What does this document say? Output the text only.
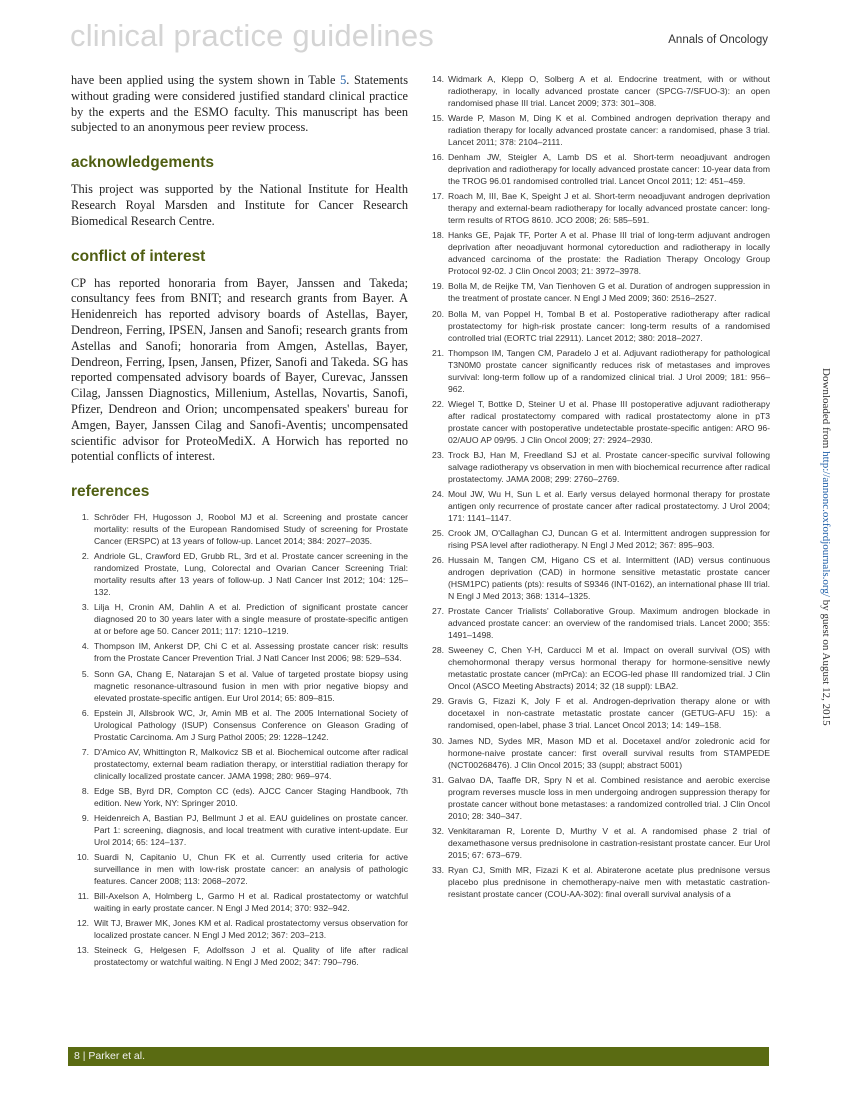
clinical practice guidelines	Annals of Oncology

have been applied using the system shown in Table 5. Statements without grading were considered justified standard clinical practice by the experts and the ESMO faculty. This manuscript has been subjected to an anonymous peer review process.

acknowledgements

This project was supported by the National Institute for Health Research Royal Marsden and Institute for Cancer Research Biomedical Research Centre.

conflict of interest

CP has reported honoraria from Bayer, Janssen and Takeda; consultancy fees from BNIT; and research grants from Bayer. A Henidenreich has reported advisory boards of Astellas, Bayer, Dendreon, Ferring, IPSEN, Jansen and Sanofi; research grants from Astellas and Sanofi; honoraria from Amgen, Astellas, Bayer, Dendreon, Ferring, Ipsen, Jansen, Pfizer, Sanofi and Takeda. SG has reported compensated advisory boards of Bayer, Curevac, Janssen Cilag, Janssen Diagnostics, Millenium, Astellas, Novartis, Sanofi, Pfizer, Dendreon and Orion; uncompensated speakers' bureau for Amgen, Bayer, Janssen Cilag and Sanofi-Aventis; uncompensated scientific advisor for ProteoMediX. A Horwich has reported no potential conflicts of interest.

references
1. Schröder FH, Hugosson J, Roobol MJ et al. Screening and prostate cancer mortality: results of the European Randomised Study of screening for Prostate Cancer (ERSPC) at 13 years of follow-up. Lancet 2014; 384: 2027–2035.
2. Andriole GL, Crawford ED, Grubb RL, 3rd et al. Prostate cancer screening in the randomized Prostate, Lung, Colorectal and Ovarian Cancer Screening Trial: mortality results after 13 years of follow-up. J Natl Cancer Inst 2012; 104: 125–132.
3. Lilja H, Cronin AM, Dahlin A et al. Prediction of significant prostate cancer diagnosed 20 to 30 years later with a single measure of prostate-specific antigen at or before age 50. Cancer 2011; 117: 1210–1219.
4. Thompson IM, Ankerst DP, Chi C et al. Assessing prostate cancer risk: results from the Prostate Cancer Prevention Trial. J Natl Cancer Inst 2006; 98: 529–534.
5. Sonn GA, Chang E, Natarajan S et al. Value of targeted prostate biopsy using magnetic resonance-ultrasound fusion in men with prior negative biopsy and elevated prostate-specific antigen. Eur Urol 2014; 65: 809–815.
6. Epstein JI, Allsbrook WC, Jr, Amin MB et al. The 2005 International Society of Urological Pathology (ISUP) Consensus Conference on Gleason Grading of Prostatic Carcinoma. Am J Surg Pathol 2005; 29: 1228–1242.
7. D'Amico AV, Whittington R, Malkovicz SB et al. Biochemical outcome after radical prostatectomy, external beam radiation therapy, or interstitial radiation therapy for clinically localized prostate cancer. JAMA 1998; 280: 969–974.
8. Edge SB, Byrd DR, Compton CC (eds). AJCC Cancer Staging Handbook, 7th edition. New York, NY: Springer 2010.
9. Heidenreich A, Bastian PJ, Bellmunt J et al. EAU guidelines on prostate cancer. Part 1: screening, diagnosis, and local treatment with curative intent-update. Eur Urol 2014; 65: 124–137.
10. Suardi N, Capitanio U, Chun FK et al. Currently used criteria for active surveillance in men with low-risk prostate cancer: an analysis of pathologic features. Cancer 2008; 113: 2068–2072.
11. Bill-Axelson A, Holmberg L, Garmo H et al. Radical prostatectomy or watchful waiting in early prostate cancer. N Engl J Med 2014; 370: 932–942.
12. Wilt TJ, Brawer MK, Jones KM et al. Radical prostatectomy versus observation for localized prostate cancer. N Engl J Med 2012; 367: 203–213.
13. Steineck G, Helgesen F, Adolfsson J et al. Quality of life after radical prostatectomy or watchful waiting. N Engl J Med 2002; 347: 790–796.
14. Widmark A, Klepp O, Solberg A et al. Endocrine treatment, with or without radiotherapy, in locally advanced prostate cancer (SPCG-7/SFUO-3): an open randomised phase III trial. Lancet 2009; 373: 301–308.
15. Warde P, Mason M, Ding K et al. Combined androgen deprivation therapy and radiation therapy for locally advanced prostate cancer: a randomised, phase 3 trial. Lancet 2011; 378: 2104–2111.
16. Denham JW, Steigler A, Lamb DS et al. Short-term neoadjuvant androgen deprivation and radiotherapy for locally advanced prostate cancer: 10-year data from the TROG 96.01 randomised controlled trial. Lancet Oncol 2011; 12: 451–459.
17. Roach M, III, Bae K, Speight J et al. Short-term neoadjuvant androgen deprivation therapy and external-beam radiotherapy for locally advanced prostate cancer: long-term results of RTOG 8610. JCO 2008; 26: 585–591.
18. Hanks GE, Pajak TF, Porter A et al. Phase III trial of long-term adjuvant androgen deprivation after neoadjuvant hormonal cytoreduction and radiotherapy in locally advanced carcinoma of the prostate: the Radiation Therapy Oncology Group Protocol 92-02. J Clin Oncol 2003; 21: 3972–3978.
19. Bolla M, de Reijke TM, Van Tienhoven G et al. Duration of androgen suppression in the treatment of prostate cancer. N Engl J Med 2009; 360: 2516–2527.
20. Bolla M, van Poppel H, Tombal B et al. Postoperative radiotherapy after radical prostatectomy for high-risk prostate cancer: long-term results of a randomised controlled trial (EORTC trial 22911). Lancet 2012; 380: 2018–2027.
21. Thompson IM, Tangen CM, Paradelo J et al. Adjuvant radiotherapy for pathological T3N0M0 prostate cancer significantly reduces risk of metastases and improves survival: long-term follow up of a randomized clinical trial. J Urol 2009; 181: 956–962.
22. Wiegel T, Bottke D, Steiner U et al. Phase III postoperative adjuvant radiotherapy after radical prostatectomy compared with radical prostatectomy alone in pT3 prostate cancer with postoperative undetectable prostate-specific antigen: ARO 96-02/AUO AP 09/95. J Clin Oncol 2009; 27: 2924–2930.
23. Trock BJ, Han M, Freedland SJ et al. Prostate cancer-specific survival following salvage radiotherapy vs observation in men with biochemical recurrence after radical prostatectomy. JAMA 2008; 299: 2760–2769.
24. Moul JW, Wu H, Sun L et al. Early versus delayed hormonal therapy for prostate antigen only recurrence of prostate cancer after radical prostatectomy. J Urol 2004; 171: 1141–1147.
25. Crook JM, O'Callaghan CJ, Duncan G et al. Intermittent androgen suppression for rising PSA level after radiotherapy. N Engl J Med 2012; 367: 895–903.
26. Hussain M, Tangen CM, Higano CS et al. Intermittent (IAD) versus continuous androgen deprivation (CAD) in hormone sensitive metastatic prostate cancer (HSM1PC) patients (pts): results of S9346 (INT-0162), an international phase III trial. N Engl J Med 2013; 368: 1314–1325.
27. Prostate Cancer Trialists' Collaborative Group. Maximum androgen blockade in advanced prostate cancer: an overview of the randomised trials. Lancet 2000; 355: 1491–1498.
28. Sweeney C, Chen Y-H, Carducci M et al. Impact on overall survival (OS) with chemohormonal therapy versus hormonal therapy for hormone-sensitive newly metastatic prostate cancer (mPrCa): an ECOG-led phase III randomized trial. J Clin Oncol (ASCO Meeting Abstracts) 2014; 32 (18 suppl): LBA2.
29. Gravis G, Fizazi K, Joly F et al. Androgen-deprivation therapy alone or with docetaxel in non-castrate metastatic prostate cancer (GETUG-AFU 15): a randomised, open-label, phase 3 trial. Lancet Oncol 2013; 14: 149–158.
30. James ND, Sydes MR, Mason MD et al. Docetaxel and/or zoledronic acid for hormone-naive prostate cancer: first overall survival results from STAMPEDE (NCT00268476). J Clin Oncol 2015; 33 (suppl; abstract 5001)
31. Galvao DA, Taaffe DR, Spry N et al. Combined resistance and aerobic exercise program reverses muscle loss in men undergoing androgen suppression therapy for prostate cancer without bone metastases: a randomized controlled trial. J Clin Oncol 2010; 28: 340–347.
32. Venkitaraman R, Lorente D, Murthy V et al. A randomised phase 2 trial of dexamethasone versus prednisolone in castration-resistant prostate cancer. Eur Urol 2015; 67: 673–679.
33. Ryan CJ, Smith MR, Fizazi K et al. Abiraterone acetate plus prednisone versus placebo plus prednisone in chemotherapy-naive men with metastatic castration-resistant prostate cancer (COU-AA-302): final overall survival analysis of a
Downloaded from http://annonc.oxfordjournals.org/ by guest on August 12, 2015
8 | Parker et al.
